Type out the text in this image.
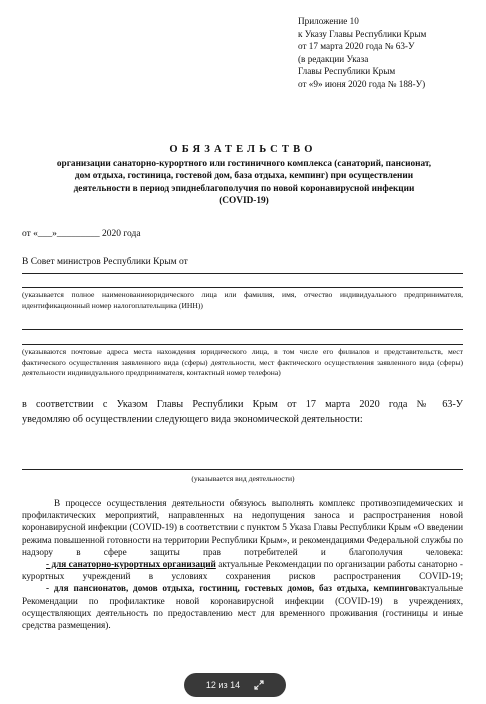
Приложение 10
к Указу Главы Республики Крым
от 17 марта 2020 года № 63-У
(в редакции Указа
Главы Республики Крым
от «9» июня 2020 года № 188-У)
ОБЯЗАТЕЛЬСТВО
организации санаторно-курортного или гостиничного комплекса (санаторий, пансионат,
дом отдыха, гостиница, гостевой дом, база отдыха, кемпинг) при осуществлении
деятельности в период эпиднеблагополучия по новой коронавирусной инфекции
(COVID-19)
от «___»_________ 2020 года
В Совет министров Республики Крым от
(указывается полное наименованиеюридического лица или фамилия, имя, отчество индивидуального предпринимателя, идентификационный номер налогоплательщика (ИНН))
(указываются почтовые адреса места нахождения юридического лица, в том числе его филиалов и представительств, мест фактического осуществления заявленного вида (сферы) деятельности, мест фактического осуществления заявленного вида (сферы) деятельности индивидуального предпринимателя, контактный номер телефона)
в соответствии с Указом Главы Республики Крым от 17 марта 2020 года № 63-У
уведомляю об осуществлении следующего вида экономической деятельности:
(указывается вид деятельности)

В процессе осуществления деятельности обязуюсь выполнять комплекс противоэпидемических и профилактических мероприятий, направленных на недопущения заноса и распространения новой коронавирусной инфекции (COVID-19) в соответствии с пунктом 5 Указа Главы Республики Крым «О введении режима повышенной готовности на территории Республики Крым», и рекомендациями Федеральной службы по надзору в сфере защиты прав потребителей и благополучия человека:

- для санаторно-курортных организаций актуальные Рекомендации по организации работы санаторно - курортных учреждений в условиях сохранения рисков распространения COVID-19;

- для пансионатов, домов отдыха, гостиниц, гостевых домов, баз отдыха, кемпинговактуальные Рекомендации по профилактике новой коронавирусной инфекции (COVID-19) в учреждениях, осуществляющих деятельность по предоставлению мест для временного проживания (гостиницы и иные средства размещения).

12 из 14
